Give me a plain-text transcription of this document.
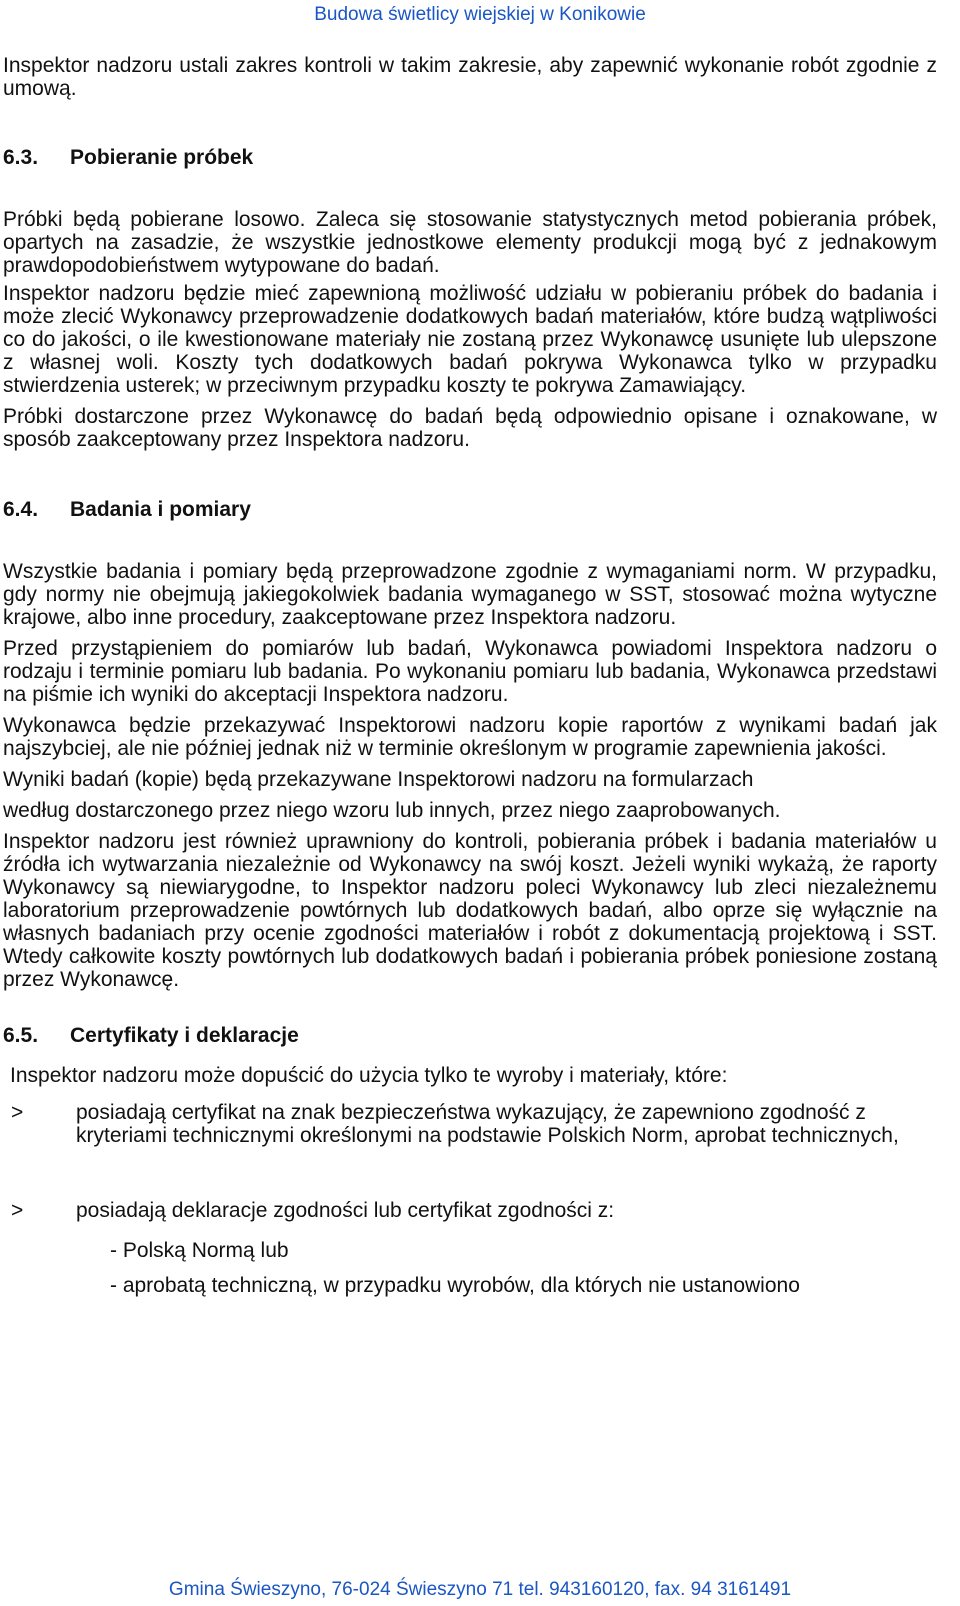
Budowa świetlicy wiejskiej w Konikowie

Inspektor nadzoru ustali zakres kontroli w takim zakresie, aby zapewnić wykonanie robót zgodnie z umową.

6.3.	Pobieranie próbek

Próbki będą pobierane losowo. Zaleca się stosowanie statystycznych metod pobierania próbek, opartych na zasadzie, że wszystkie jednostkowe elementy produkcji mogą być z jednakowym prawdopodobieństwem wytypowane do badań.

Inspektor nadzoru będzie mieć zapewnioną możliwość udziału w pobieraniu próbek do badania i może zlecić Wykonawcy przeprowadzenie dodatkowych badań materiałów, które budzą wątpliwości co do jakości, o ile kwestionowane materiały nie zostaną przez Wykonawcę usunięte lub ulepszone z własnej woli. Koszty tych dodatkowych badań pokrywa Wykonawca tylko w przypadku stwierdzenia usterek; w przeciwnym przypadku koszty te pokrywa Zamawiający.

Próbki dostarczone przez Wykonawcę do badań będą odpowiednio opisane i oznakowane, w sposób zaakceptowany przez Inspektora nadzoru.

6.4.	Badania i pomiary

Wszystkie badania i pomiary będą przeprowadzone zgodnie z wymaganiami norm. W przypadku, gdy normy nie obejmują jakiegokolwiek badania wymaganego w SST, stosować można wytyczne krajowe, albo inne procedury, zaakceptowane przez Inspektora nadzoru.

Przed przystąpieniem do pomiarów lub badań, Wykonawca powiadomi Inspektora nadzoru o rodzaju i terminie pomiaru lub badania. Po wykonaniu pomiaru lub badania, Wykonawca przedstawi na piśmie ich wyniki do akceptacji Inspektora nadzoru.

Wykonawca będzie przekazywać Inspektorowi nadzoru kopie raportów z wynikami badań jak najszybciej, ale nie później jednak niż w terminie określonym w programie zapewnienia jakości.

Wyniki badań (kopie) będą przekazywane Inspektorowi nadzoru na formularzach

według dostarczonego przez niego wzoru lub innych, przez niego zaaprobowanych.

Inspektor nadzoru jest również uprawniony do kontroli, pobierania próbek i badania materiałów u źródła ich wytwarzania niezależnie od Wykonawcy na swój koszt. Jeżeli wyniki wykażą, że raporty Wykonawcy są niewiarygodne, to Inspektor nadzoru poleci Wykonawcy lub zleci niezależnemu laboratorium przeprowadzenie powtórnych lub dodatkowych badań, albo oprze się wyłącznie na własnych badaniach przy ocenie zgodności materiałów i robót z dokumentacją projektową i SST. Wtedy całkowite koszty powtórnych lub dodatkowych badań i pobierania próbek poniesione zostaną przez Wykonawcę.

6.5.	Certyfikaty i deklaracje

Inspektor nadzoru może dopuścić do użycia tylko te wyroby i materiały, które:

>	posiadają certyfikat na znak bezpieczeństwa wykazujący, że zapewniono zgodność z kryteriami technicznymi określonymi na podstawie Polskich Norm, aprobat technicznych,
>	posiadają deklaracje zgodności lub certyfikat zgodności z:

- Polską Normą lub

- aprobatą techniczną, w przypadku wyrobów, dla których nie ustanowiono

Gmina Świeszyno, 76-024 Świeszyno 71 tel. 943160120, fax. 94 3161491
